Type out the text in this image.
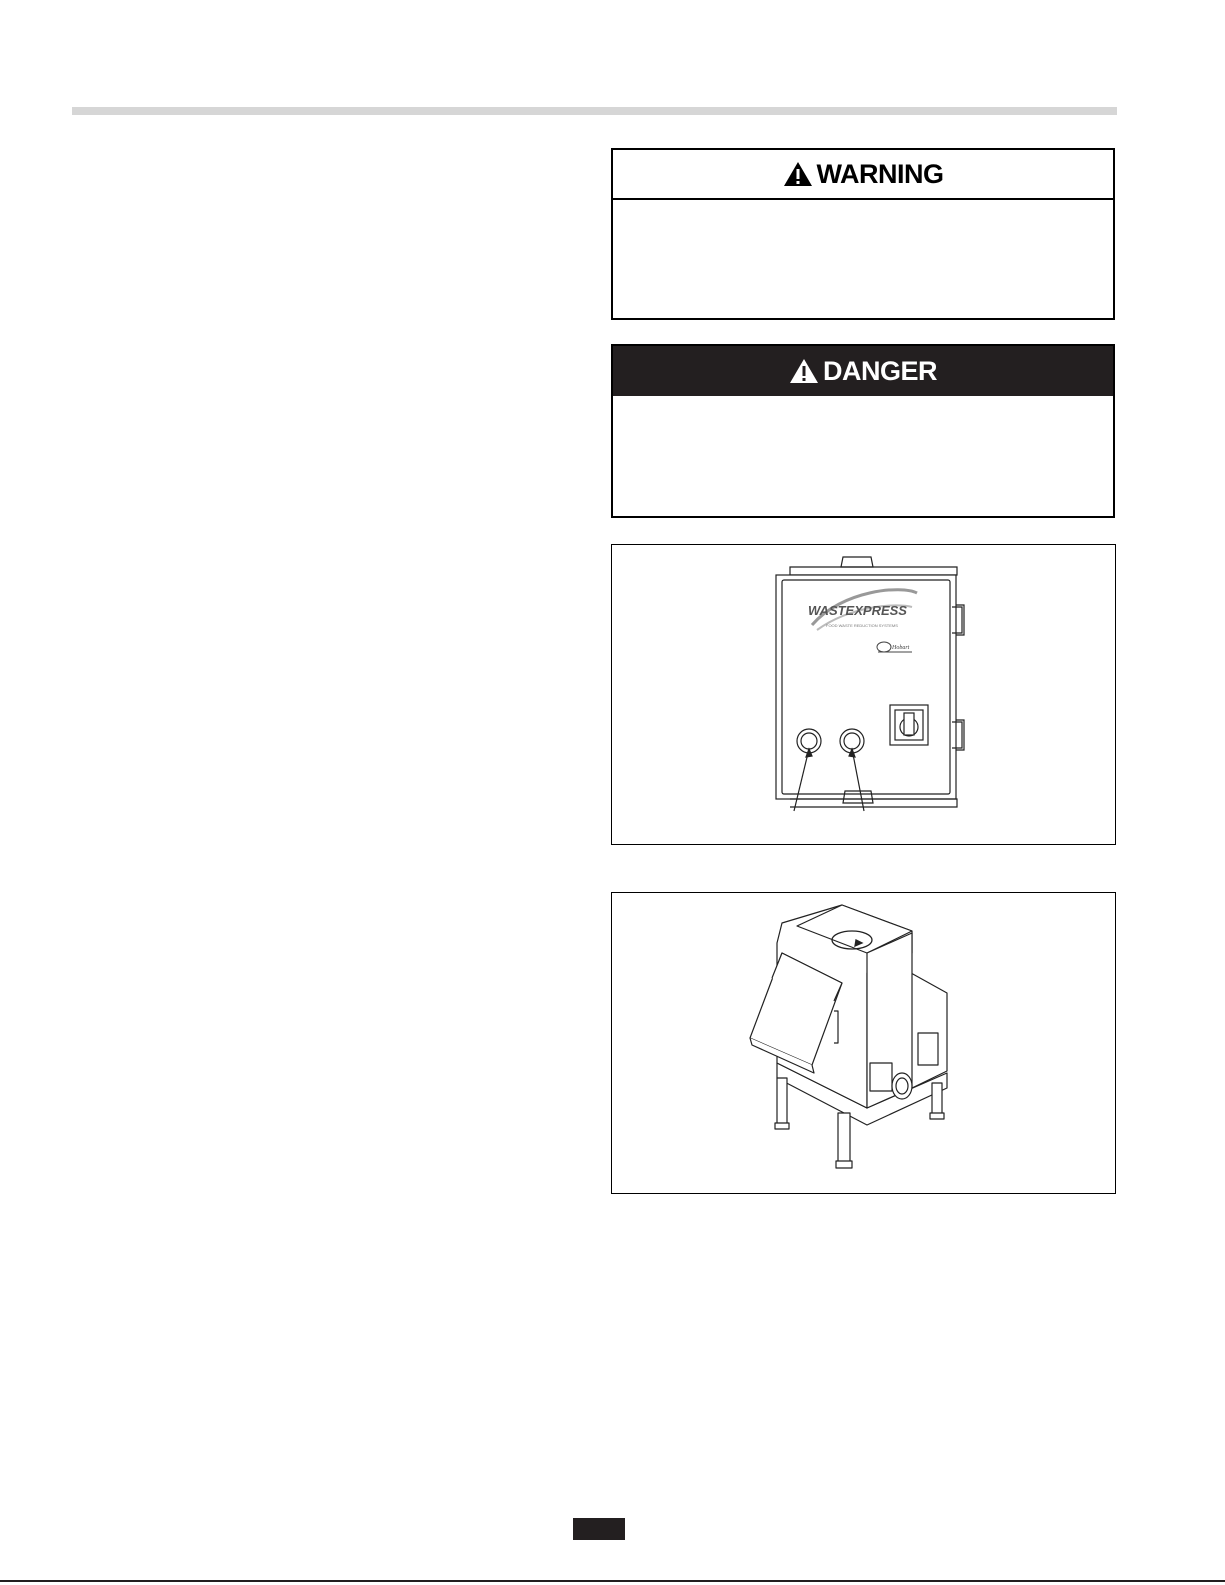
WARNING
DANGER
WASTEXPRESS
FOOD WASTE REDUCTION SYSTEMS
Hobart
